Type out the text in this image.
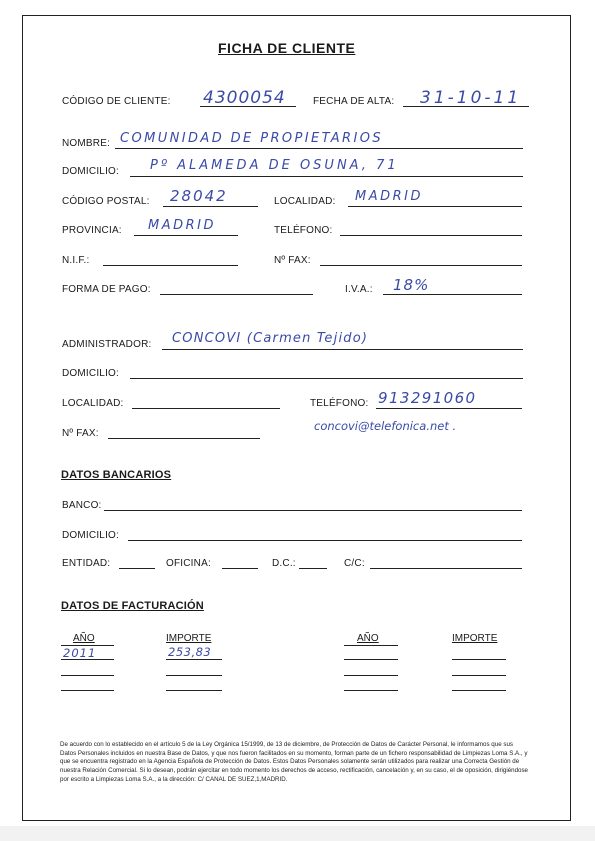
FICHA DE CLIENTE
CÓDIGO DE CLIENTE: 4300054	FECHA DE ALTA: 31-10-11
NOMBRE: COMUNIDAD DE PROPIETARIOS
DOMICILIO: Pº ALAMEDA DE OSUNA, 71
CÓDIGO POSTAL: 28042	LOCALIDAD: MADRID
PROVINCIA: MADRID	TELÉFONO:
N.I.F.:	Nº FAX:
FORMA DE PAGO:	I.V.A.: 18%
ADMINISTRADOR: CONCOVI (Carmen Tejido)
DOMICILIO:
LOCALIDAD:	TELÉFONO: 913291060
Nº FAX:
concovi@telefonica.net .
DATOS BANCARIOS
BANCO:
DOMICILIO:
ENTIDAD:	OFICINA:	D.C.:	C/C:
DATOS DE FACTURACIÓN
AÑO	IMPORTE	AÑO	IMPORTE
2011	253,83
De acuerdo con lo establecido en el artículo 5 de la Ley Orgánica 15/1999, de 13 de diciembre, de Protección de Datos de Carácter Personal, le informamos que sus Datos Personales incluidos en nuestra Base de Datos, y que nos fueron facilitados en su momento, forman parte de un fichero responsabilidad de Limpiezas Loma S.A., y que se encuentra registrado en la Agencia Española de Protección de Datos. Estos Datos Personales solamente serán utilizados para realizar una Correcta Gestión de nuestra Relación Comercial. Si lo desean, podrán ejercitar en todo momento los derechos de acceso, rectificación, cancelación y, en su caso, el de oposición, dirigiéndose por escrito a Limpiezas Loma S.A., a la dirección: C/ CANAL DE SUEZ,1,MADRID.
